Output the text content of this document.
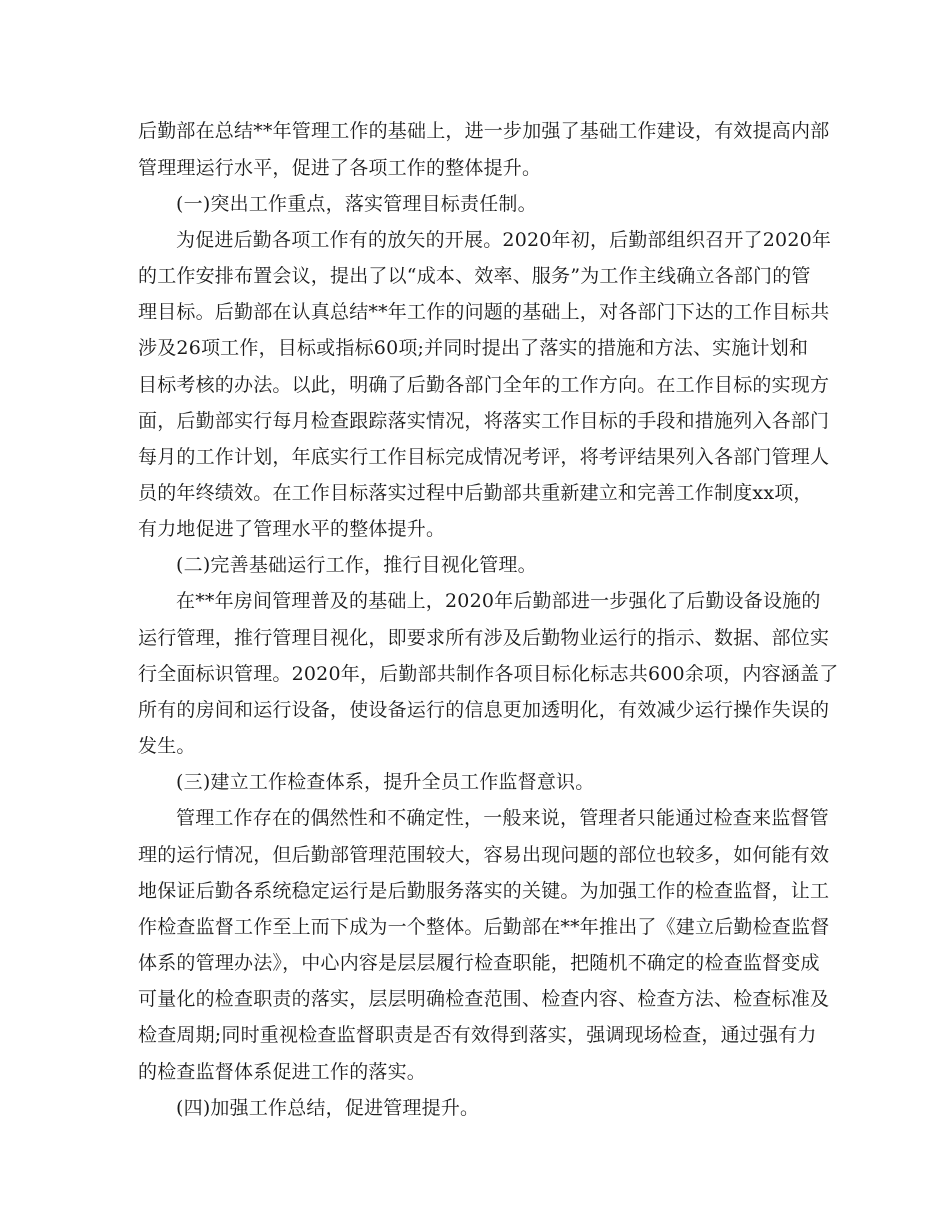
后勤部在总结**年管理工作的基础上，进一步加强了基础工作建设，有效提高内部
管理理运行水平，促进了各项工作的整体提升。
(一)突出工作重点，落实管理目标责任制。
为促进后勤各项工作有的放矢的开展。2020年初，后勤部组织召开了2020年
的工作安排布置会议，提出了以“成本、效率、服务”为工作主线确立各部门的管
理目标。后勤部在认真总结**年工作的问题的基础上，对各部门下达的工作目标共
涉及26项工作，目标或指标60项;并同时提出了落实的措施和方法、实施计划和
目标考核的办法。以此，明确了后勤各部门全年的工作方向。在工作目标的实现方
面，后勤部实行每月检查跟踪落实情况，将落实工作目标的手段和措施列入各部门
每月的工作计划，年底实行工作目标完成情况考评，将考评结果列入各部门管理人
员的年终绩效。在工作目标落实过程中后勤部共重新建立和完善工作制度xx项，
有力地促进了管理水平的整体提升。
(二)完善基础运行工作，推行目视化管理。
在**年房间管理普及的基础上，2020年后勤部进一步强化了后勤设备设施的
运行管理，推行管理目视化，即要求所有涉及后勤物业运行的指示、数据、部位实
行全面标识管理。2020年，后勤部共制作各项目标化标志共600余项，内容涵盖了
所有的房间和运行设备，使设备运行的信息更加透明化，有效减少运行操作失误的
发生。
(三)建立工作检查体系，提升全员工作监督意识。
管理工作存在的偶然性和不确定性，一般来说，管理者只能通过检查来监督管
理的运行情况，但后勤部管理范围较大，容易出现问题的部位也较多，如何能有效
地保证后勤各系统稳定运行是后勤服务落实的关键。为加强工作的检查监督，让工
作检查监督工作至上而下成为一个整体。后勤部在**年推出了《建立后勤检查监督
体系的管理办法》，中心内容是层层履行检查职能，把随机不确定的检查监督变成
可量化的检查职责的落实，层层明确检查范围、检查内容、检查方法、检查标准及
检查周期;同时重视检查监督职责是否有效得到落实，强调现场检查，通过强有力
的检查监督体系促进工作的落实。
(四)加强工作总结，促进管理提升。
